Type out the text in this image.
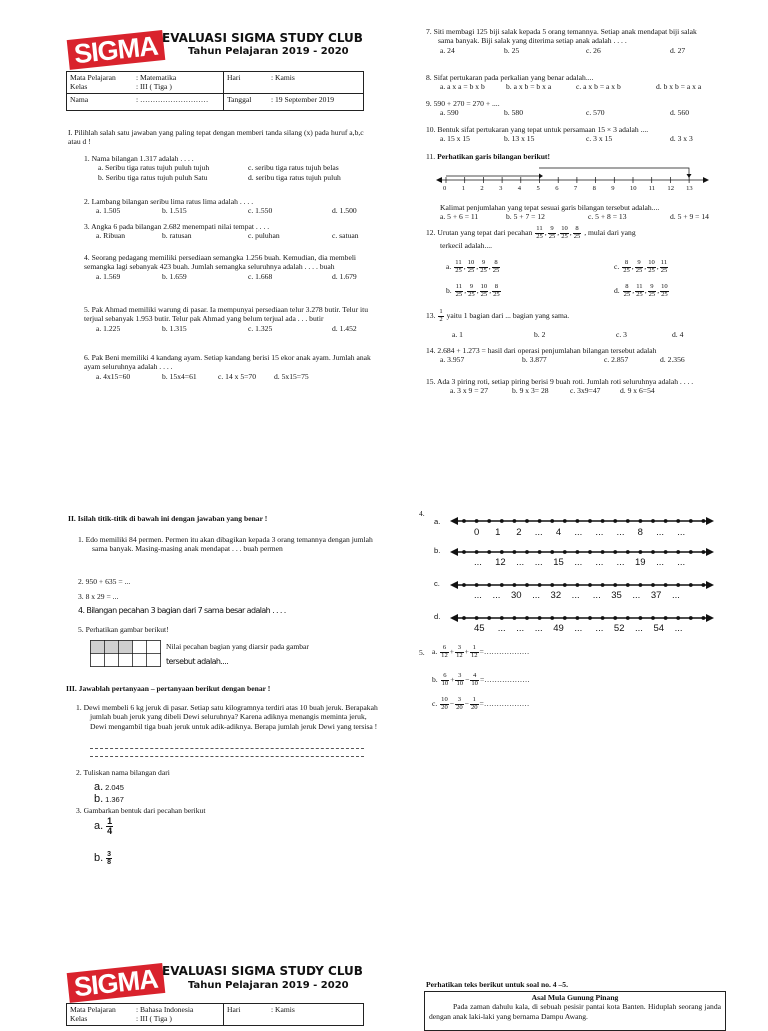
SIGMA EVALUASI SIGMA STUDY CLUB
Tahun Pelajaran 2019 - 2020
Mata Pelajaran : Matematika
Kelas : III ( Tiga )	Hari : Kamis

Nama : ………………………	Tanggal : 19 September 2019
I. Pilihlah salah satu jawaban yang paling tepat dengan memberi tanda silang (x) pada huruf a,b,c atau d !
1. Nama bilangan 1.317 adalah . . . .
a. Seribu tiga ratus tujuh puluh tujuh	c. seribu tiga ratus tujuh belas
b. Seribu tiga ratus tujuh puluh Satu	d. seribu tiga ratus tujuh puluh
2. Lambang bilangan seribu lima ratus lima adalah . . . .
a. 1.505	b. 1.515	c. 1.550	d. 1.500
3. Angka 6 pada bilangan 2.682 menempati nilai tempat . . . .
a. Ribuan	b. ratusan	c. puluhan	c. satuan
4. Seorang pedagang memiliki persediaan semangka 1.256 buah. Kemudian, dia membeli semangka lagi sebanyak 423 buah. Jumlah semangka seluruhnya adalah . . . . buah
a. 1.569	b. 1.659	c. 1.668	d. 1.679
5. Pak Ahmad memiliki warung di pasar. Ia mempunyai persediaan telur 3.278 butir. Telur itu terjual sebanyak 1.953 butir. Telur pak Ahmad yang belum terjual ada . . . butir
a. 1.225	b. 1.315	c. 1.325	d. 1.452
6. Pak Beni memiliki 4 kandang ayam. Setiap kandang berisi 15 ekor anak ayam. Jumlah anak ayam seluruhnya adalah . . . .
a. 4x15=60	b. 15x4=61	c. 14 x 5=70 d. 5x15=75
7. Siti membagi 125 biji salak kepada 5 orang temannya. Setiap anak mendapat biji salak sama banyak. Biji salak yang diterima setiap anak adalah . . . .
a. 24	b. 25	c. 26	d. 27
8. Sifat pertukaran pada perkalian yang benar adalah....
a. a x a = b x b	b. a x b = b x a	c. a x b = a x b	d. b x b = a x a
9. 590 + 270 = 270 + ....
a. 590	b. 580	c. 570	d. 560
10. Bentuk sifat pertukaran yang tepat untuk persamaan 15 × 3 adalah ....
a. 15 x 15	b. 13 x 15	c. 3 x 15	d. 3 x 3
11. Perhatikan garis bilangan berikut!
0 1 2 3 4 5 6 7 8 9 10 11 12 13
Kalimat penjumlahan yang tepat sesuai garis bilangan tersebut adalah....
a. 5 + 6 = 11	b. 5 + 7 = 12	c. 5 + 8 = 13	d. 5 + 9 = 14
12. Urutan yang tepat dari pecahan $\frac{11}{25}$ , $\frac{9}{25}$ , $\frac{10}{25}$ , $\frac{8}{25}$ , mulai dari yang
terkecil adalah....
a. $\frac{11}{25}$ , $\frac{10}{25}$ , $\frac{9}{25}$ , $\frac{8}{25}$	c. $\frac{8}{25}$ , $\frac{9}{25}$ , $\frac{10}{25}$ , $\frac{11}{25}$
b. $\frac{11}{25}$ , $\frac{9}{25}$ , $\frac{10}{25}$ , $\frac{8}{25}$	d. $\frac{8}{25}$ , $\frac{11}{25}$ , $\frac{9}{25}$ , $\frac{10}{25}$
13. $\frac{1}{2}$ yaitu 1 bagian dari ... bagian yang sama.
a. 1	b. 2	c. 3	d. 4
14. 2.684 + 1.273 = hasil dari operasi penjumlahan bilangan tersebut adalah
a. 3.957	b. 3.877	c. 2.857	d. 2.356
15. Ada 3 piring roti, setiap piring berisi 9 buah roti. Jumlah roti seluruhnya adalah . . . .
a. 3 x 9 = 27	b. 9 x 3= 28	c. 3x9=47	d. 9 x 6=54
II. Isilah titik-titik di bawah ini dengan jawaban yang benar !
1. Edo memiliki 84 permen. Permen itu akan dibagikan kepada 3 orang temannya dengan jumlah sama banyak. Masing-masing anak mendapat . . . buah permen
2. 950 + 635 = ...
3. 8 x 29 = ...
4. Bilangan pecahan 3 bagian dari 7 sama besar adalah . . . .
5. Perhatikan gambar berikut!
Nilai pecahan bagian yang diarsir pada gambar
tersebut adalah....
III. Jawablah pertanyaan – pertanyaan berikut dengan benar !
1. Dewi membeli 6 kg jeruk di pasar. Setiap satu kilogramnya terdiri atas 10 buah jeruk. Berapakah jumlah buah jeruk yang dibeli Dewi seluruhnya? Karena adiknya menangis meminta jeruk, Dewi mengambil tiga buah jeruk untuk adik-adiknya. Berapa jumlah jeruk Dewi yang tersisa !
2. Tuliskan nama bilangan dari
a. 2.045
b. 1.367
3. Gambarkan bentuk dari pecahan berikut
a. $\frac{1}{4}$
b. $\frac{3}{8}$
4.
a.
b.
c.
d.
0      1      2     ...     4     ...     ...     ...     8     ...     ...
...     12    ...    ...    15    ...     ...     ...    19    ...     ...
...    ...    30    ...    32    ...     ...    35    ...    37    ...
45     ...    ...    ...    49    ...     ...    52    ...    54    ...
5. a. $\frac{6}{12} + \frac{3}{12} + \frac{1}{12}$ =………………
b. $\frac{6}{10} + \frac{3}{10} - \frac{4}{10}$ =………………
c. $\frac{10}{20} - \frac{3}{20} - \frac{1}{20}$ =………………
SIGMA EVALUASI SIGMA STUDY CLUB
Tahun Pelajaran 2019 - 2020
Mata Pelajaran	: Bahasa Indonesia
Kelas	: III ( Tiga )
	Hari	: Kamis
Perhatikan teks berikut untuk soal no. 4 –5.
Asal Mula Gunung Pinang
Pada zaman dahulu kala, di sebuah pesisir pantai kota Banten. Hiduplah seorang janda dengan anak laki-laki yang bernama Dampu Awang.
